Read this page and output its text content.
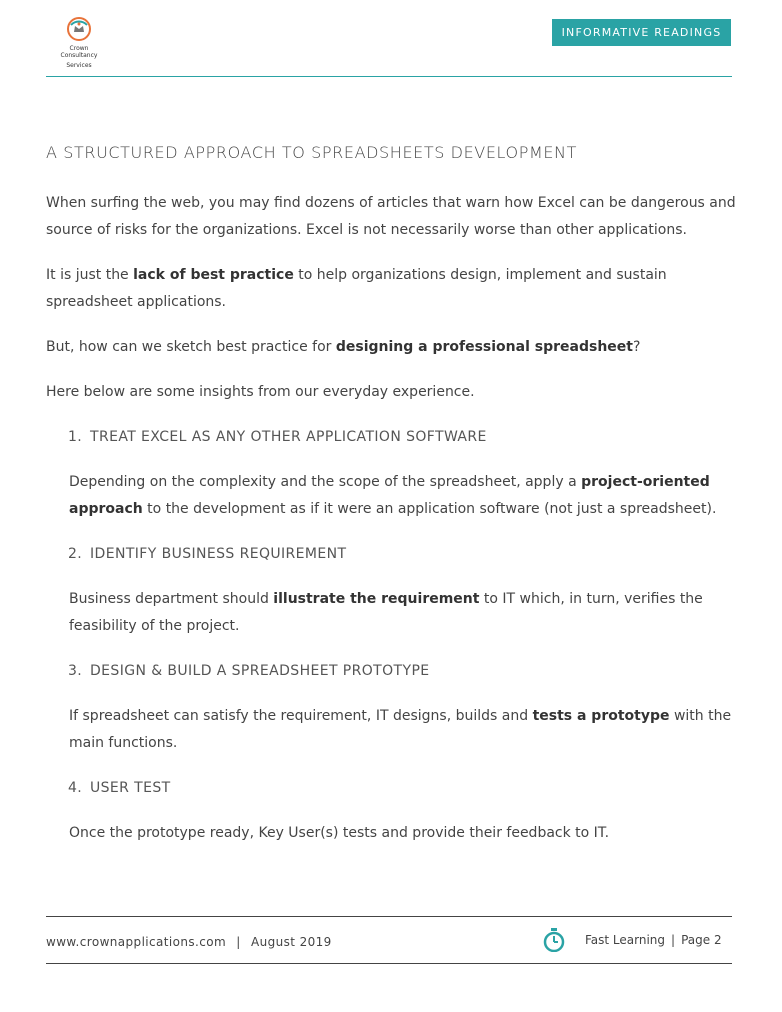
Crown Consultancy
Services
INFORMATIVE READINGS
A STRUCTURED APPROACH TO SPREADSHEETS DEVELOPMENT

When surfing the web, you may find dozens of articles that warn how Excel can be dangerous and source of risks for the organizations. Excel is not necessarily worse than other applications.

It is just the lack of best practice to help organizations design, implement and sustain spreadsheet applications.

But, how can we sketch best practice for designing a professional spreadsheet?

Here below are some insights from our everyday experience.

1. TREAT EXCEL AS ANY OTHER APPLICATION SOFTWARE

Depending on the complexity and the scope of the spreadsheet, apply a project-oriented approach to the development as if it were an application software (not just a spreadsheet).

2. IDENTIFY BUSINESS REQUIREMENT

Business department should illustrate the requirement to IT which, in turn, verifies the feasibility of the project.

3. DESIGN & BUILD A SPREADSHEET PROTOTYPE

If spreadsheet can satisfy the requirement, IT designs, builds and tests a prototype with the main functions.

4. USER TEST

Once the prototype ready, Key User(s) tests and provide their feedback to IT.

www.crownapplications.com | August 2019	Fast Learning | Page 2
